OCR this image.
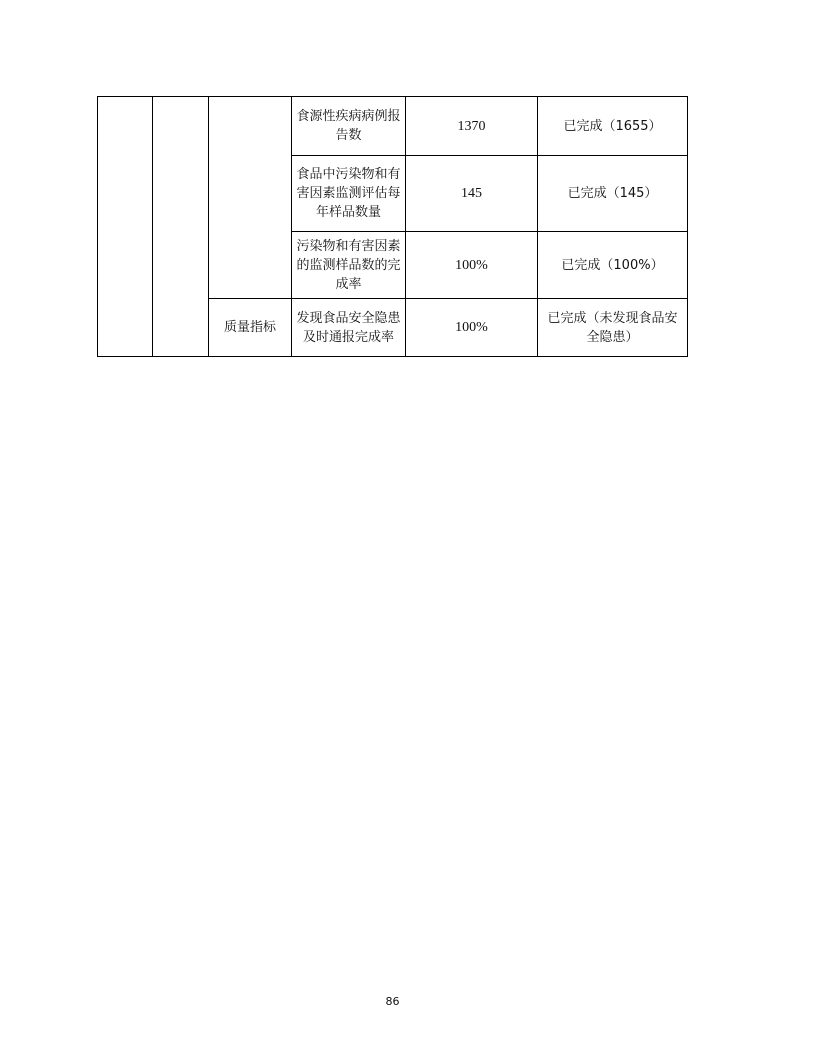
			食源性疾病病例报告数	1370	已完成（1655）
			食品中污染物和有害因素监测评估每年样品数量	145	已完成（145）
			污染物和有害因素的监测样品数的完成率	100%	已完成（100%）
		质量指标	发现食品安全隐患及时通报完成率	100%	已完成（未发现食品安全隐患）
86
